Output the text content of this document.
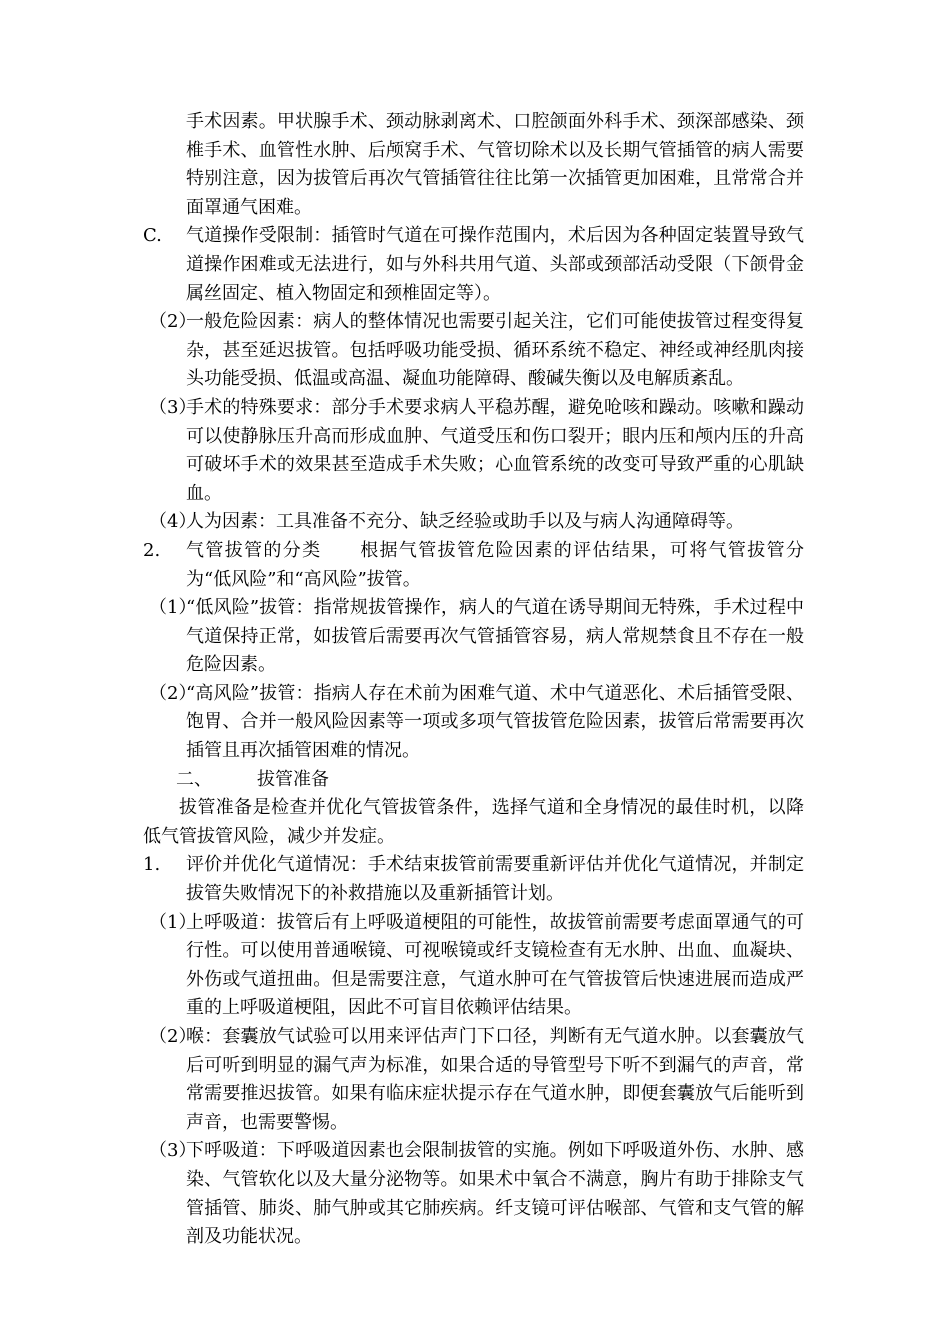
手术因素。甲状腺手术、颈动脉剥离术、口腔颌面外科手术、颈深部感染、颈椎手术、血管性水肿、后颅窝手术、气管切除术以及长期气管插管的病人需要特别注意，因为拔管后再次气管插管往往比第一次插管更加困难，且常常合并面罩通气困难。

C. 气道操作受限制：插管时气道在可操作范围内，术后因为各种固定装置导致气道操作困难或无法进行，如与外科共用气道、头部或颈部活动受限（下颌骨金属丝固定、植入物固定和颈椎固定等）。

（2）
一般危险因素：病人的整体情况也需要引起关注，它们可能使拔管过程变得复杂，甚至延迟拔管。包括呼吸功能受损、循环系统不稳定、神经或神经肌肉接头功能受损、低温或高温、凝血功能障碍、酸碱失衡以及电解质紊乱。

（3）
手术的特殊要求：部分手术要求病人平稳苏醒，避免呛咳和躁动。咳嗽和躁动可以使静脉压升高而形成血肿、气道受压和伤口裂开；眼内压和颅内压的升高可破坏手术的效果甚至造成手术失败；心血管系统的改变可导致严重的心肌缺血。

（4）
人为因素：工具准备不充分、缺乏经验或助手以及与病人沟通障碍等。

2. 气管拔管的分类　　根据气管拔管危险因素的评估结果，可将气管拔管分为“低风险”和“高风险”拔管。

（1）
“低风险”拔管：指常规拔管操作，病人的气道在诱导期间无特殊，手术过程中气道保持正常，如拔管后需要再次气管插管容易，病人常规禁食且不存在一般危险因素。

（2）
“高风险”拔管：指病人存在术前为困难气道、术中气道恶化、术后插管受限、饱胃、合并一般风险因素等一项或多项气管拔管危险因素，拔管后常需要再次插管且再次插管困难的情况。

二、　　　拔管准备

拔管准备是检查并优化气管拔管条件，选择气道和全身情况的最佳时机，以降低气管拔管风险，减少并发症。

1. 评价并优化气道情况：手术结束拔管前需要重新评估并优化气道情况，并制定拔管失败情况下的补救措施以及重新插管计划。

（1）
上呼吸道：拔管后有上呼吸道梗阻的可能性，故拔管前需要考虑面罩通气的可行性。可以使用普通喉镜、可视喉镜或纤支镜检查有无水肿、出血、血凝块、外伤或气道扭曲。但是需要注意，气道水肿可在气管拔管后快速进展而造成严重的上呼吸道梗阻，因此不可盲目依赖评估结果。

（2）
喉：套囊放气试验可以用来评估声门下口径，判断有无气道水肿。以套囊放气后可听到明显的漏气声为标准，如果合适的导管型号下听不到漏气的声音，常常需要推迟拔管。如果有临床症状提示存在气道水肿，即便套囊放气后能听到声音，也需要警惕。

（3）
下呼吸道：下呼吸道因素也会限制拔管的实施。例如下呼吸道外伤、水肿、感染、气管软化以及大量分泌物等。如果术中氧合不满意，胸片有助于排除支气管插管、肺炎、肺气肿或其它肺疾病。纤支镜可评估喉部、气管和支气管的解剖及功能状况。
